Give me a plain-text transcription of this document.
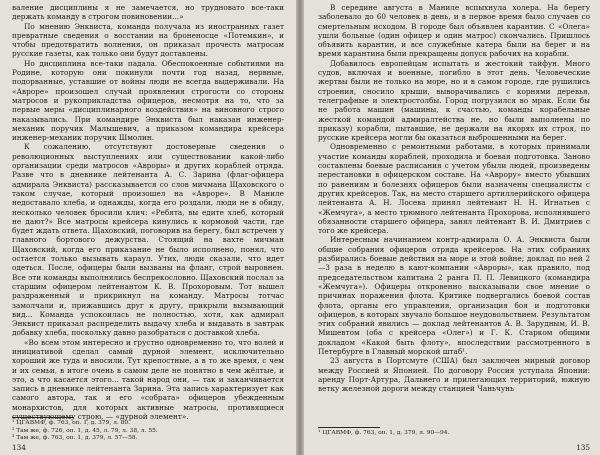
валение дисциплины я не замечается, но трудновато все-таки держать команду в строгом повиновении...»

По мнению Энквиста, команда получала из иностранных газет превратные сведения о восстании на броненосце «Потемкин», и чтобы предотвратить волнения, он приказал прочесть матросам русские газеты, как только они будут доставлены.

Но дисциплина все-таки падала. Обеспокоенные событиями на Родине, которую они покинули почти год назад, нервные, подорванные, уставшие от войны люди не всегда выдерживали. На «Авроре» произошел случай проявления строгости со стороны матросов и рукоприкладства офицеров, несмотря на то, что за первые меры «дисциплинарного воздействия» на виновного строго наказывались. При командире Энквиста был наказан инженер-механик поручик Малышевич, а приказом командира крейсера инженер-механик поручик Шмолин.

К сожалению, отсутствуют достоверные сведения о революционных выступлениях или существовании какой-либо организации среди матросов «Авроры» и других кораблей отряда. Разве что в дневнике лейтенанта А. С. Зарина (флаг-офицера адмирала Энквиста) рассказывается со слов мичмана Щаховского о таком случае, который произошел на «Авроре». В Маниле недоставало хлеба, и однажды, когда его роздали, люди не в обиду, несколько человек бросили клич: «Ребята, вы едите хлеб, который не дают?» Все матросы крейсера кинулись к кормовой части, где будет ждать ответа. Щаховский, поговорив на берегу, был встречен у главного бортового дежурства. Стоящий на вахте мичман Щаховский, когда его приказание не было исполнено, понял, что остается только вызывать караул. Утих, люди сказали, что идет одеться. После, офицеры были вызваны на фланг, строй выровнен. Все эти команды выполнялись беспрекословно. Щаховский послал за старшим офицером лейтенантом К. В. Прохоровым. Тот вышел раздраженный и прикрикнул на команду. Матросы тотчас замолчали и, прижавшись друг к другу, прикрыли вызывающий вид... Команда успокоилась не полностью, хотя, как адмирал Энквист приказал распределить выдачу хлеба и выдавать в завтрак добавку хлеба, поскольку давно разобраться с доставкой хлеба.

«Во всем этом интересно и грустно одновременно то, что волей и инициативой сделал самый дурной элемент, исключительно хороший же туда и вносили. Тут крепостные, а в то же время, с чем и их семьи, в итоге очень в самом деле не понятно в чем жёлтые, и это, а что касается этого... такой народ они, — так и заканчивается запись в дневнике лейтенанта Зарина. Эта запись характеризует как самого автора, так и его «собрата» офицеров убежденным монархистов, для которых активные матросы, противящиеся существующему строю, — «дурной элемент».

¹ ЦГАВМФ, ф. 763, оп. 1, д. 379, л. 80.
² Там же, ф. 726, оп. 1, д. 45, л. 79, л. 38, л. 55.
³ Там же, ф. 763, оп. 1, д. 379, л. 57—58.
134

В середине августа в Маниле вспыхнула холера. На берегу заболевало до 60 человек в день, и в первое время было случаев со смертельным исходом. В городе был объявлен карантин. С «Олега» ушли больные (один офицер и один матрос) скончались. Пришлось объявить карантин, и все служебные катера были на берег и на время карантина были прекращены допуск рабочих на корабли.

Добавилось европейцам испытать и жестокий тайфун. Много судов, включая и военные, погибло в этот день. Человеческие жертвы были не только на море, но и в самом городе, где рушились строения, сносило крыши, выворачивались с корнями деревья, телеграфные и электростолбы. Город погрузился во мрак. Если бы не работа машин (машины, к счастью, команды корабельные жесткой командой адмиралтейства не, но были выполнены по приказу) корабли, пытавшие, не держали на якорях их строя, по русские крейсера могли бы оказаться выброшенными на берег.

Одновременно с ремонтными работами, в которых принимали участие команды кораблей, проходила и боевая подготовка. Заново составлены боевые расписания с учетом убыли людей, произведены перестановки в офицерском составе. На «Аврору» вместо убывших по ранениям и болезнях офицеров были назначены специалисты с других крейсеров. Так, на место старшего артиллерийского офицера лейтенанта А. Н. Лосева принял лейтенант Н. Н. Игнатьев с «Жемчуга», а место трюмного лейтенанта Прохорова, исполнявшего обязанности старшего офицера, занял лейтенант В. И. Дмитриев с того же крейсера.

Интересным начинанием контр-адмирала О. А. Энквиста были общие собрания офицеров отряда крейсеров. На этих собраниях разбирались боевые действия на море и этой войне; доклад по ней 2—3 раза в неделю в кают-компании «Авроры», как правило, под председательством капитана 2 ранга П. П. Левицкого (командира «Жемчуга»). Офицеры откровенно высказывали свое мнение о причинах поражения флота. Критике подвергались боевой состав флота, органы его управления, организация боя и подготовки офицеров, в которых звучало большое неудовольствием. Результатом этих собраний явились — доклад лейтенантов А. В. Зарудным, И. В. Мишевтом (оба с крейсера «Олег») и Г. К. Старком общими докладом «Какой быть флоту», впоследствии рассмотренного в Петербурге в Главный морской штаб¹.

23 августа в Портсмуте (США) был заключен мирный договор между Россией и Японией. По договору Россия уступала Японии: аренду Порт-Артура, Дальнего и прилегающих территорий, южную ветку железной дороги между станцией Чаньчунь

¹ ЦГАВМФ, ф. 763, оп. 1, д. 379, л. 90—94.
135
